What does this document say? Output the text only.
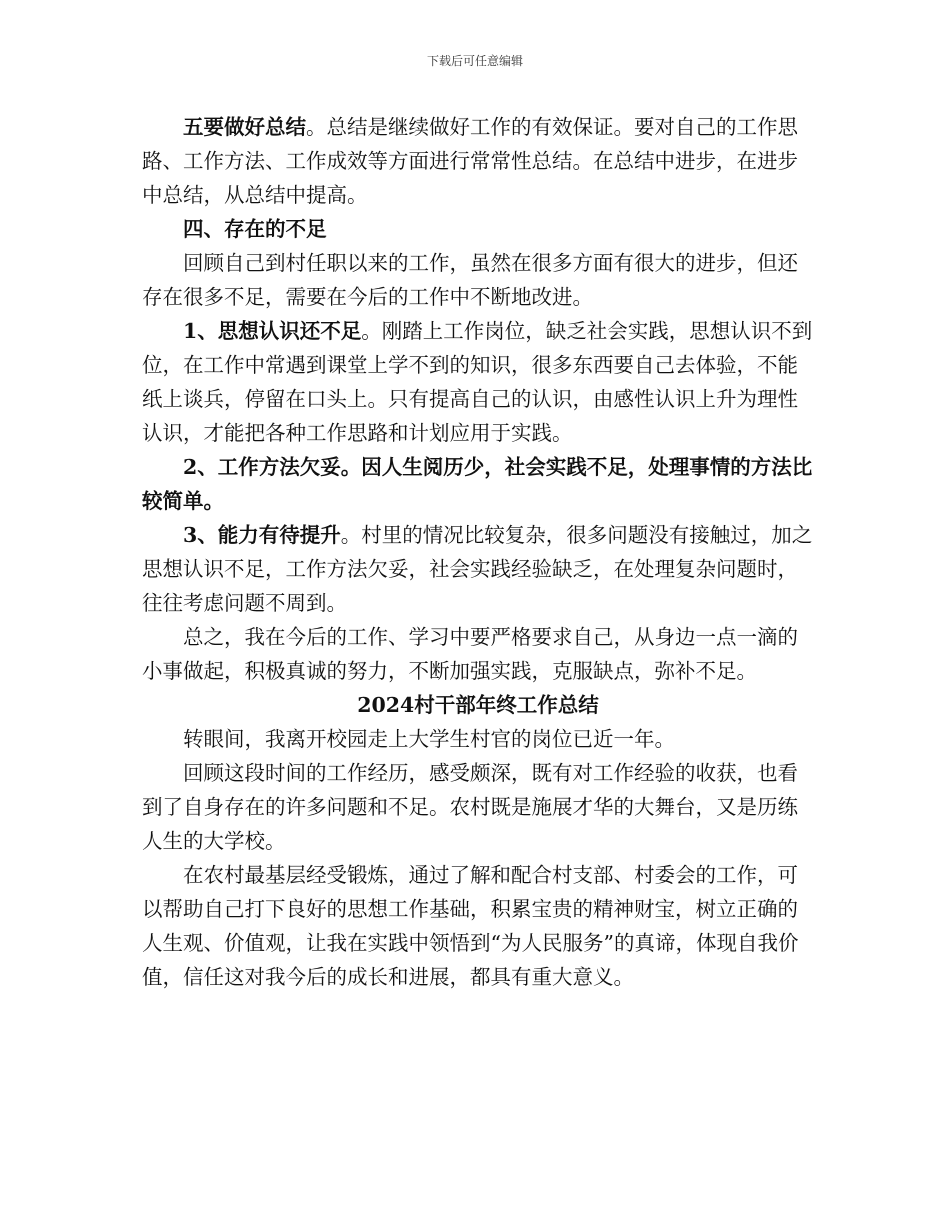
下载后可任意编辑

五要做好总结。总结是继续做好工作的有效保证。要对自己的工作思路、工作方法、工作成效等方面进行常常性总结。在总结中进步，在进步中总结，从总结中提高。

四、存在的不足

回顾自己到村任职以来的工作，虽然在很多方面有很大的进步，但还存在很多不足，需要在今后的工作中不断地改进。

1、思想认识还不足。刚踏上工作岗位，缺乏社会实践，思想认识不到位，在工作中常遇到课堂上学不到的知识，很多东西要自己去体验，不能纸上谈兵，停留在口头上。只有提高自己的认识，由感性认识上升为理性认识，才能把各种工作思路和计划应用于实践。

2、工作方法欠妥。因人生阅历少，社会实践不足，处理事情的方法比较简单。

3、能力有待提升。村里的情况比较复杂，很多问题没有接触过，加之思想认识不足，工作方法欠妥，社会实践经验缺乏，在处理复杂问题时，往往考虑问题不周到。

总之，我在今后的工作、学习中要严格要求自己，从身边一点一滴的小事做起，积极真诚的努力，不断加强实践，克服缺点，弥补不足。

2024村干部年终工作总结

转眼间，我离开校园走上大学生村官的岗位已近一年。

回顾这段时间的工作经历，感受颇深，既有对工作经验的收获，也看到了自身存在的许多问题和不足。农村既是施展才华的大舞台，又是历练人生的大学校。

在农村最基层经受锻炼，通过了解和配合村支部、村委会的工作，可以帮助自己打下良好的思想工作基础，积累宝贵的精神财宝，树立正确的人生观、价值观，让我在实践中领悟到“为人民服务”的真谛，体现自我价值，信任这对我今后的成长和进展，都具有重大意义。
